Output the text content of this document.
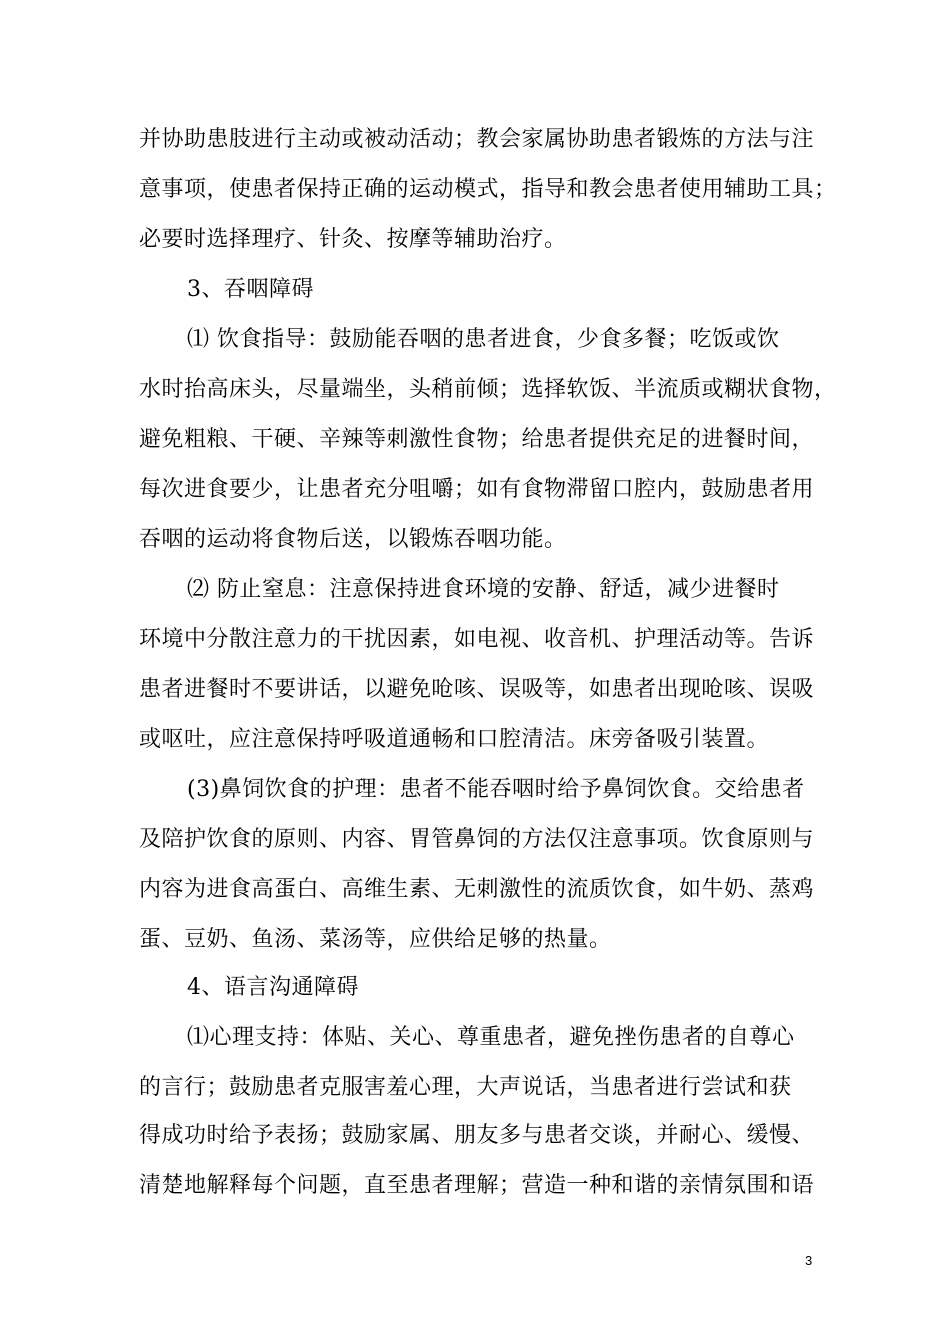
并协助患肢进行主动或被动活动；教会家属协助患者锻炼的方法与注
意事项，使患者保持正确的运动模式，指导和教会患者使用辅助工具；
必要时选择理疗、针灸、按摩等辅助治疗。
3、吞咽障碍
⑴ 饮食指导：鼓励能吞咽的患者进食，少食多餐；吃饭或饮
水时抬高床头，尽量端坐，头稍前倾；选择软饭、半流质或糊状食物，
避免粗粮、干硬、辛辣等刺激性食物；给患者提供充足的进餐时间，
每次进食要少，让患者充分咀嚼；如有食物滞留口腔内，鼓励患者用
吞咽的运动将食物后送，以锻炼吞咽功能。
⑵ 防止窒息：注意保持进食环境的安静、舒适，减少进餐时
环境中分散注意力的干扰因素，如电视、收音机、护理活动等。告诉
患者进餐时不要讲话，以避免呛咳、误吸等，如患者出现呛咳、误吸
或呕吐，应注意保持呼吸道通畅和口腔清洁。床旁备吸引装置。
(3)鼻饲饮食的护理：患者不能吞咽时给予鼻饲饮食。交给患者
及陪护饮食的原则、内容、胃管鼻饲的方法仅注意事项。饮食原则与
内容为进食高蛋白、高维生素、无刺激性的流质饮食，如牛奶、蒸鸡
蛋、豆奶、鱼汤、菜汤等，应供给足够的热量。
4、语言沟通障碍
⑴心理支持：体贴、关心、尊重患者，避免挫伤患者的自尊心
的言行；鼓励患者克服害羞心理，大声说话，当患者进行尝试和获
得成功时给予表扬；鼓励家属、朋友多与患者交谈，并耐心、缓慢、
清楚地解释每个问题，直至患者理解；营造一种和谐的亲情氛围和语
3
